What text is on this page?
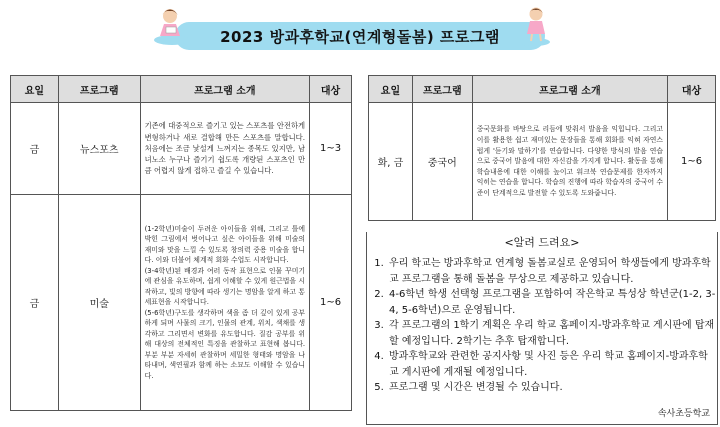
2023 방과후학교(연계형돌봄) 프로그램
요일	프로그램	프로그램 소개	대상
금	뉴스포츠	기존에 대중적으로 즐기고 있는 스포츠를 안전하게 변형하거나 새로 결합해 만든 스포츠를 말합니다. 처음에는 조금 낯설게 느껴지는 종목도 있지만, 남녀노소 누구나 즐기기 쉽도록 개량된 스포츠인 만큼 어렵지 않게 접하고 즐길 수 있습니다.	1~3
금	미술	(1-2학년)미술이 두려운 아이들을 위해, 그리고 틀에 박힌 그림에서 벗어나고 싶은 아이들을 위해 미술의 재미와 맛을 느낄 수 있도록 창의력 중용 미술을 합니다. 이와 더불어 체계적 회화 수업도 시작합니다.
(3-4학년)된 배경과 여러 동작 표현으로 인물 꾸미기에 관심을 유도하며, 쉽게 이해할 수 있게 원근법을 시작하고, 빛의 방향에 따라 생기는 명암을 알게 하고 통세표현을 시작합니다.
(5-6학년)구도를 생각하며 색을 좀 더 깊이 있게 공부하게 되며 사물의 크기, 인물의 관계, 위치, 색채를 생각하고 그리면서 변화를 유도합니다. 질감 공부를 위해 대상의 전체적인 특징을 관찰하고 표현해 봅니다. 부분 부분 자세히 관찰하며 세밀한 형태와 명암을 나타내며, 색연필과 함께 하는 소묘도 이해할 수 있습니다.	1~6
요일	프로그램	프로그램 소개	대상
화, 금	중국어	중국문화를 바탕으로 리듬에 맞춰서 발음을 익힙니다. 그리고 이를 활용한 쉽고 재미있는 문장들을 통해 회화를 익혀 자연스럽게 '듣기와 말하기'를 연습합니다. 다양한 방식의 발음 연습으로 중국어 발음에 대한 자신감을 가지게 합니다. 활동을 통해 학습내용에 대한 이해를 높이고 워크북 연습문제를 한자까지 익히는 연습을 합니다. 학습의 진행에 따라 학습자의 중국어 수준이 단계적으로 발전할 수 있도록 도와줍니다.	1~6
<알려 드려요>
1. 우리 학교는 방과후학교 연계형 돌봄교실로 운영되어 학생들에게 방과후학교 프로그램을 통해 돌봄을 무상으로 제공하고 있습니다.
2. 4-6학년 학생 선택형 프로그램을 포함하여 작은학교 특성상 학년군(1-2, 3-4, 5-6학년)으로 운영됩니다.
3. 각 프로그램의 1학기 계획은 우리 학교 홈페이지-방과후학교 게시판에 탑재할 예정입니다. 2학기는 추후 탑재합니다.
4. 방과후학교와 관련한 공지사항 및 사진 등은 우리 학교 홈페이지-방과후학교 게시판에 게재될 예정입니다.
5. 프로그램 및 시간은 변경될 수 있습니다.
속사초등학교
